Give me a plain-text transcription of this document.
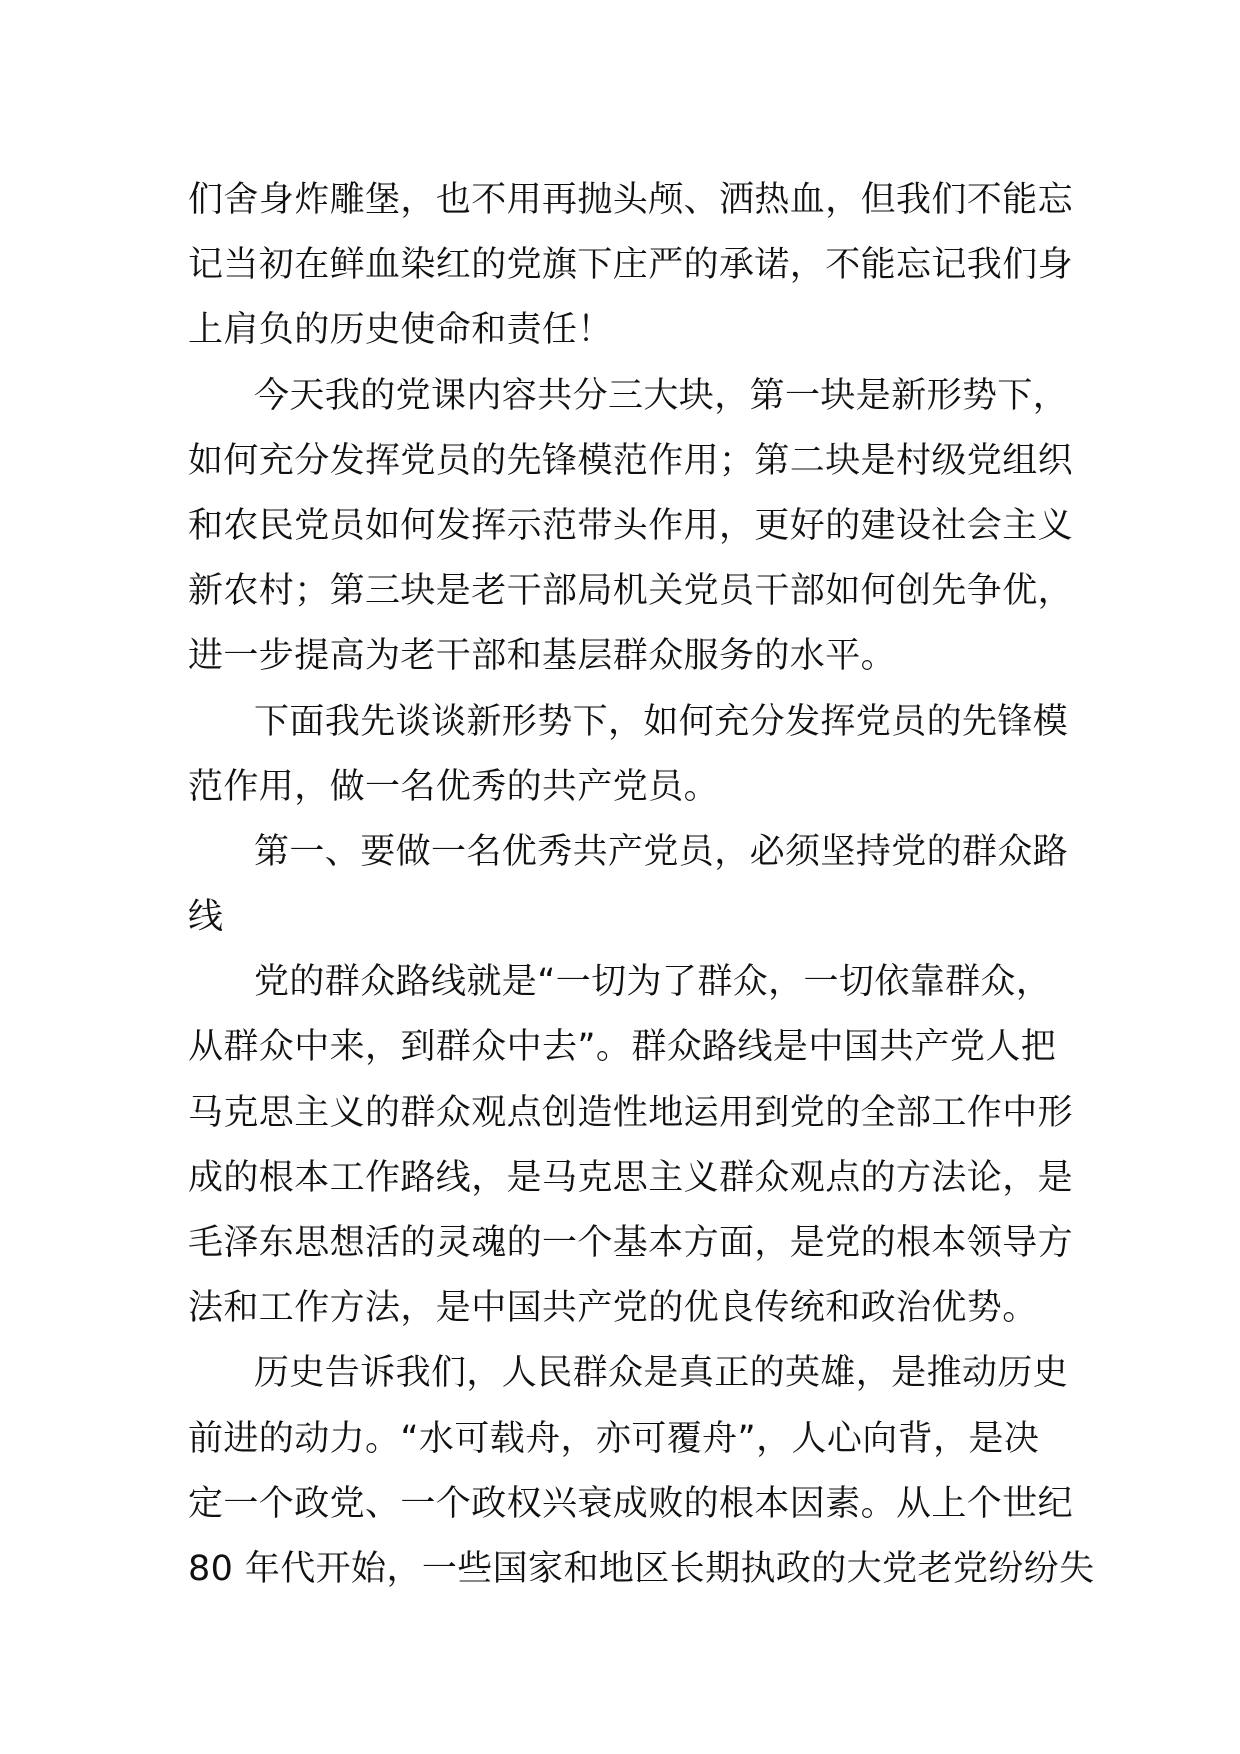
们舍身炸雕堡，也不用再抛头颅、洒热血，但我们不能忘
记当初在鲜血染红的党旗下庄严的承诺，不能忘记我们身
上肩负的历史使命和责任！
今天我的党课内容共分三大块，第一块是新形势下，
如何充分发挥党员的先锋模范作用；第二块是村级党组织
和农民党员如何发挥示范带头作用，更好的建设社会主义
新农村；第三块是老干部局机关党员干部如何创先争优，
进一步提高为老干部和基层群众服务的水平。
下面我先谈谈新形势下，如何充分发挥党员的先锋模
范作用，做一名优秀的共产党员。
第一、要做一名优秀共产党员，必须坚持党的群众路
线
党的群众路线就是“一切为了群众，一切依靠群众，
从群众中来，到群众中去”。群众路线是中国共产党人把
马克思主义的群众观点创造性地运用到党的全部工作中形
成的根本工作路线，是马克思主义群众观点的方法论，是
毛泽东思想活的灵魂的一个基本方面，是党的根本领导方
法和工作方法，是中国共产党的优良传统和政治优势。
历史告诉我们，人民群众是真正的英雄，是推动历史
前进的动力。“水可载舟，亦可覆舟”，人心向背，是决
定一个政党、一个政权兴衰成败的根本因素。从上个世纪
80 年代开始，一些国家和地区长期执政的大党老党纷纷失
